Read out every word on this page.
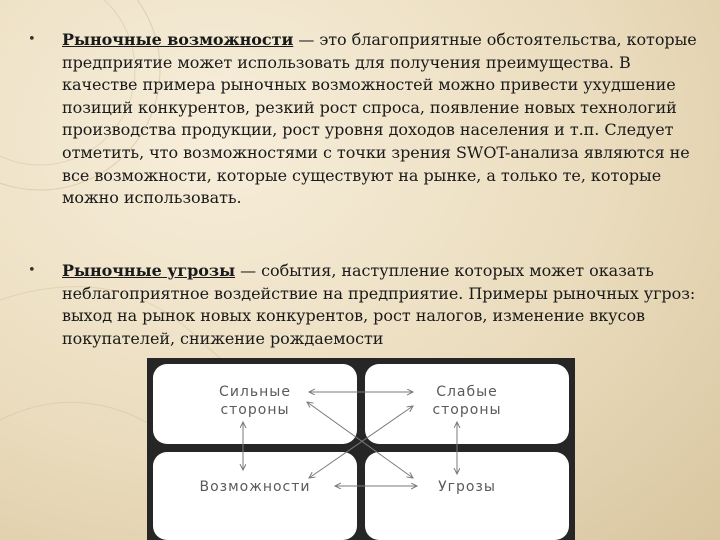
•	Рыночные возможности — это благоприятные обстоятельства, которые предприятие может использовать для получения преимущества. В качестве примера рыночных возможностей можно привести ухудшение позиций конкурентов, резкий рост спроса, появление новых технологий производства продукции, рост уровня доходов населения и т.п. Следует отметить, что возможностями с точки зрения SWOT-анализа являются не все возможности, которые существуют на рынке, а только те, которые можно использовать.
•	Рыночные угрозы — события, наступление которых может оказать неблагоприятное воздействие на предприятие. Примеры рыночных угроз: выход на рынок новых конкурентов, рост налогов, изменение вкусов покупателей, снижение рождаемости
Сильные
стороны
Слабые
стороны
Возможности	Угрозы
